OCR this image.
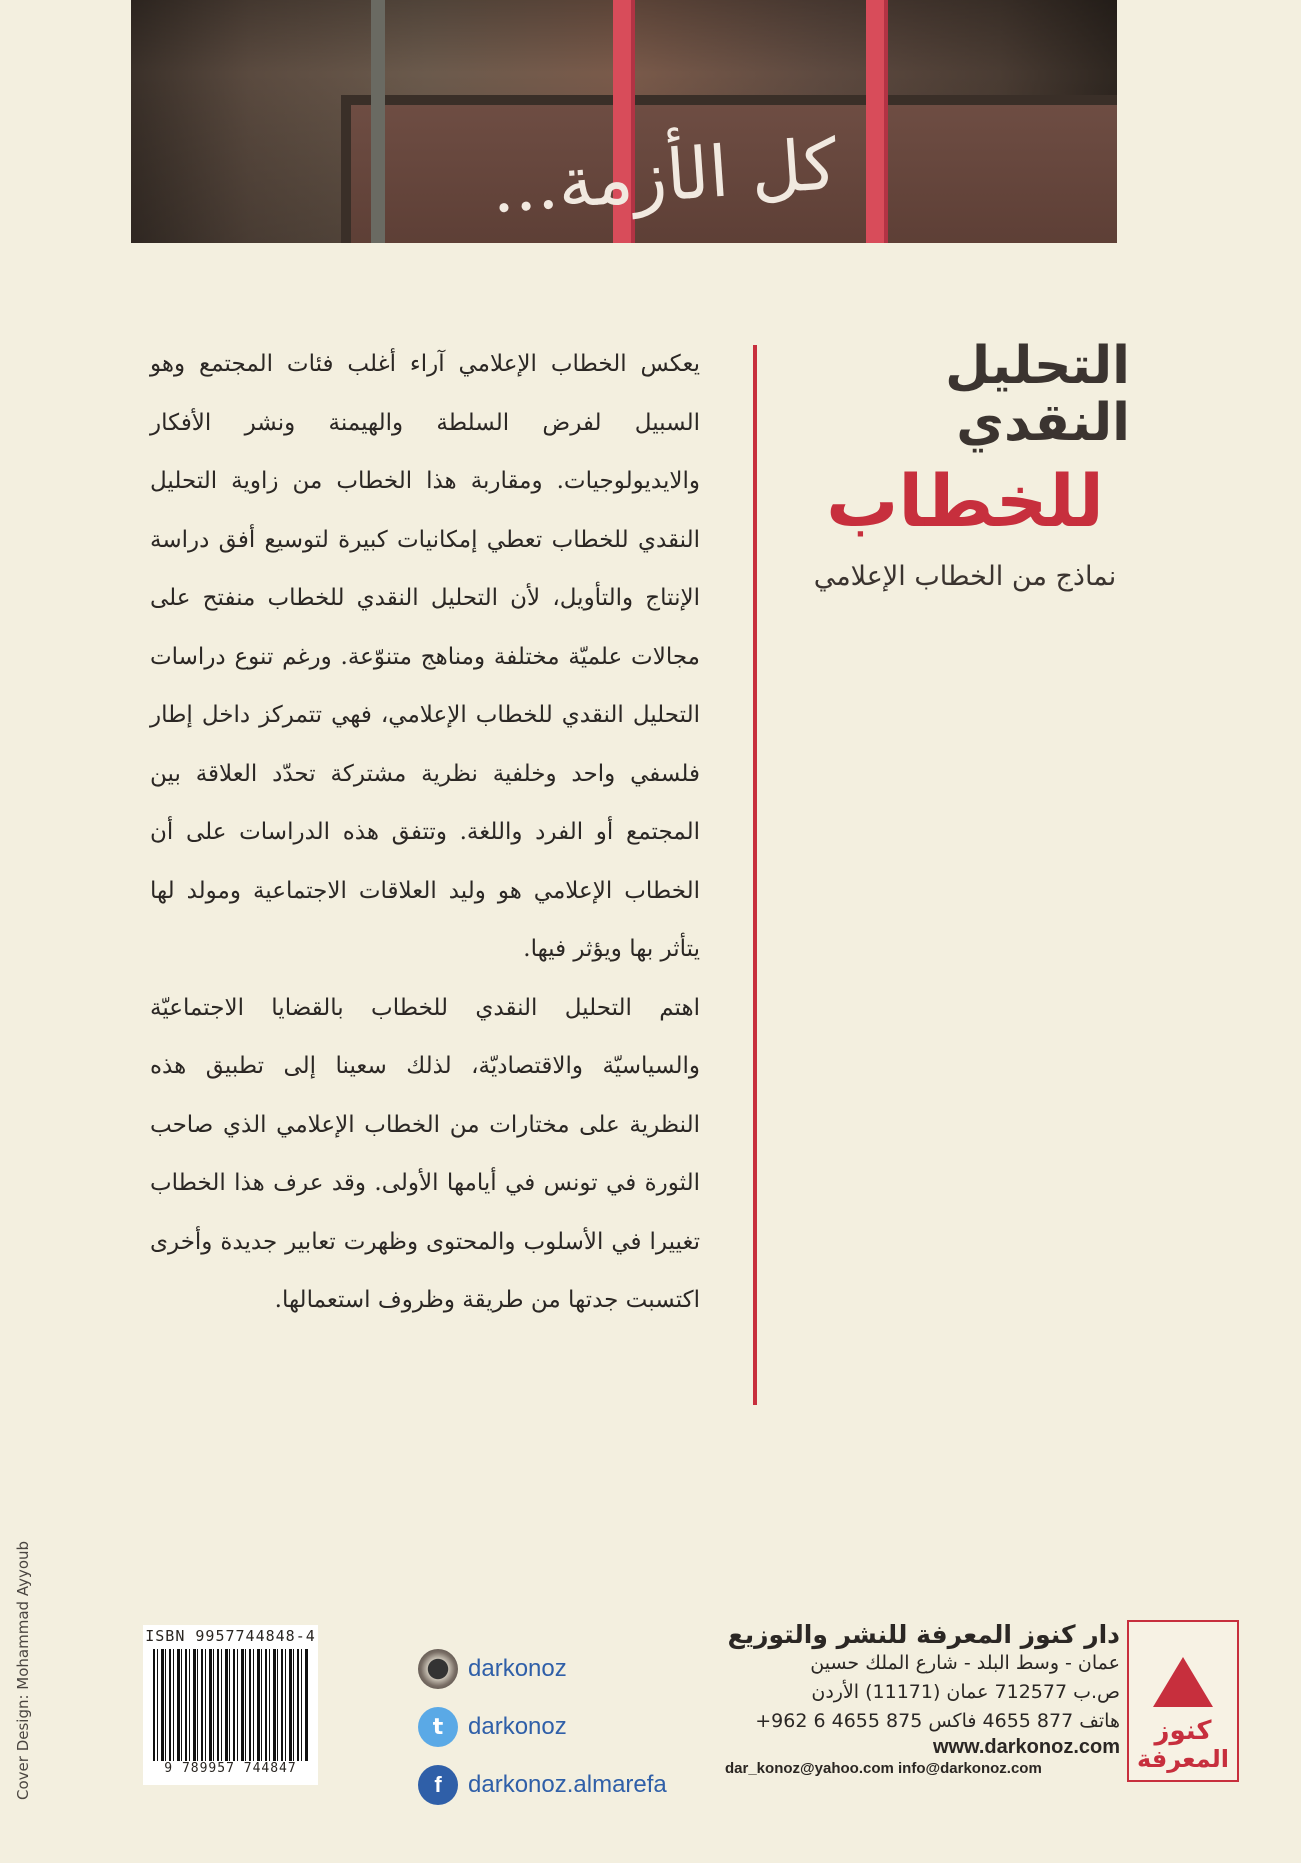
كل الأزمة...
التحليل النقدي
للخطاب
نماذج من الخطاب الإعلامي

يعكس الخطاب الإعلامي آراء أغلب فئات المجتمع وهو السبيل لفرض السلطة والهيمنة ونشر الأفكار والايديولوجيات. ومقاربة هذا الخطاب من زاوية التحليل النقدي للخطاب تعطي إمكانيات كبيرة لتوسيع أفق دراسة الإنتاج والتأويل، لأن التحليل النقدي للخطاب منفتح على مجالات علميّة مختلفة ومناهج متنوّعة. ورغم تنوع دراسات التحليل النقدي للخطاب الإعلامي، فهي تتمركز داخل إطار فلسفي واحد وخلفية نظرية مشتركة تحدّد العلاقة بين المجتمع أو الفرد واللغة. وتتفق هذه الدراسات على أن الخطاب الإعلامي هو وليد العلاقات الاجتماعية ومولد لها يتأثر بها ويؤثر فيها.

اهتم التحليل النقدي للخطاب بالقضايا الاجتماعيّة والسياسيّة والاقتصاديّة، لذلك سعينا إلى تطبيق هذه النظرية على مختارات من الخطاب الإعلامي الذي صاحب الثورة في تونس في أيامها الأولى. وقد عرف هذا الخطاب تغييرا في الأسلوب والمحتوى وظهرت تعابير جديدة وأخرى اكتسبت جدتها من طريقة وظروف استعمالها.

Cover Design: Mohammad Ayyoub	ISBN 9957744848-4
9 789957 744847
darkonoz
t	darkonoz
f	darkonoz.almarefa
دار كنوز المعرفة للنشر والتوزيع
عمان - وسط البلد - شارع الملك حسين
ص.ب 712577 عمان (11171) الأردن
هاتف 877 4655 فاكس 875 4655 6 962+
www.darkonoz.com
dar_konoz@yahoo.com info@darkonoz.com
كنوز
المعرفة
